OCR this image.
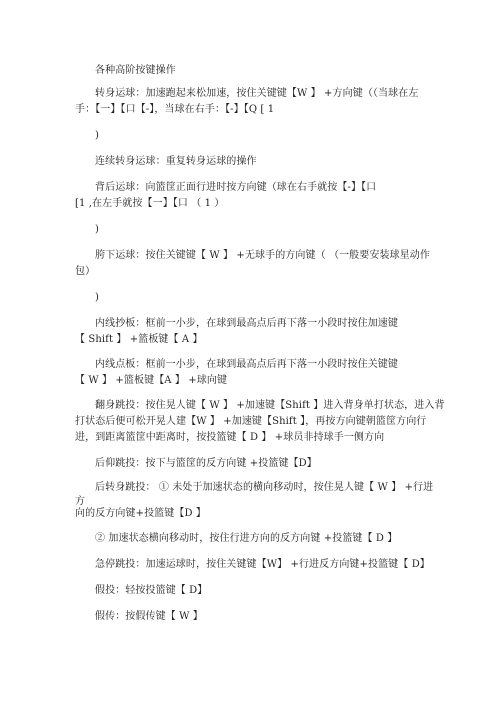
各种高阶按键操作
转身运球：加速跑起来松加速，按住关键键【W 】 +方向键（（当球在左
手：【一】【口【-】，当球在右手：【-】【Q [ 1
)
连续转身运球：重复转身运球的操作
背后运球：向篮筐正面行进时按方向键（球在右手就按【-】【口
[1 ,在左手就按【一】【口 （ 1 ）
)
胯下运球：按住关键键【 W 】 +无球手的方向键（ （一般要安装球星动作
包）
)
内线抄板：框前一小步，在球到最高点后再下落一小段时按住加速键
【 Shift 】 +篮板键【 A 】
内线点板：框前一小步，在球到最高点后再下落一小段时按住关键键
【 W 】 +篮板键【A 】 +球向键
翻身跳投：按住晃人键【 W 】 +加速键【Shift 】进入背身单打状态，进入背
打状态后便可松开晃人建【W 】 +加速键【Shift 】，再按方向键朝篮筐方向行
进，到距离篮筐中距离时，按投篮键【 D 】 +球员非持球手一侧方向
后仰跳投：按下与篮筐的反方向键 +投篮键【D】
后转身跳投： ① 未处于加速状态的横向移动时，按住晃人键【 W 】 +行进
方
向的反方向键+投篮键【D 】
② 加速状态横向移动时，按住行进方向的反方向键 +投篮键【 D 】
急停跳投：加速运球时，按住关键键【W】 +行进反方向键+投篮键【 D】
假投：轻按投篮键【 D】
假传：按假传键【 W 】
